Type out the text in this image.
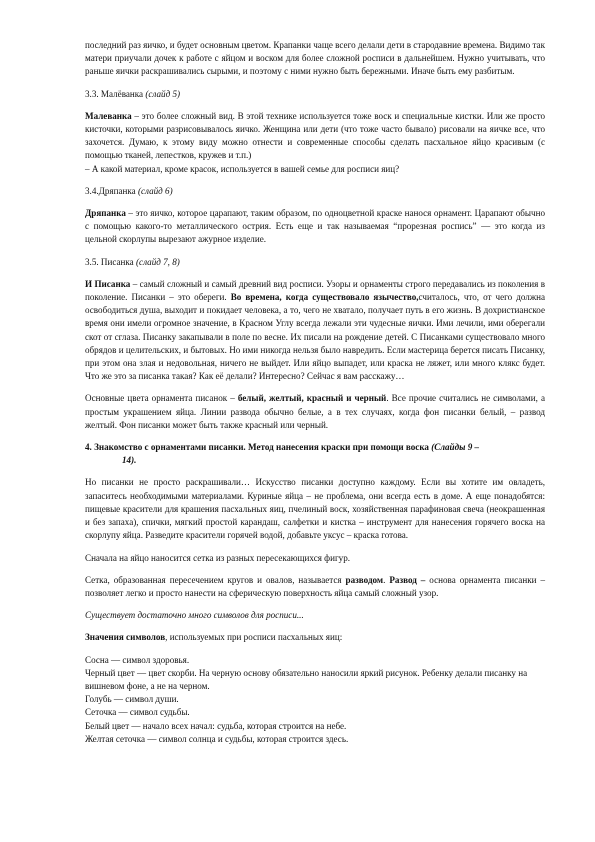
последний раз яичко, и будет основным цветом. Крапанки чаще всего делали дети в стародавние времена. Видимо так матери приучали дочек к работе с яйцом и воском для более сложной росписи в дальнейшем. Нужно учитывать, что раньше яички раскрашивались сырыми, и поэтому с ними нужно быть бережными. Иначе быть ему разбитым.

3.3. Малёванка (слайд 5)

Малеванка – это более сложный вид. В этой технике используется тоже воск и специальные кистки. Или же просто кисточки, которыми разрисовывалось яичко. Женщина или дети (что тоже часто бывало) рисовали на яичке все, что захочется. Думаю, к этому виду можно отнести и современные способы сделать пасхальное яйцо красивым (с помощью тканей, лепестков, кружев и т.п.)
– А какой материал, кроме красок, используется в вашей семье для росписи яиц?

3.4.Дряпанка (слайд 6)

Дряпанка – это яичко, которое царапают, таким образом, по одноцветной краске нанося орнамент. Царапают обычно с помощью какого-то металлического острия. Есть еще и так называемая “прорезная роспись” — это когда из цельной скорлупы вырезают ажурное изделие.

3.5. Писанка (слайд 7, 8)

И Писанка – самый сложный и самый древний вид росписи. Узоры и орнаменты строго передавались из поколения в поколение. Писанки – это обереги. Во времена, когда существовало язычество,считалось, что, от чего должна освободиться душа, выходит и покидает человека, а то, чего не хватало, получает путь в его жизнь. В дохристианское время они имели огромное значение, в Красном Углу всегда лежали эти чудесные яички. Ими лечили, ими оберегали скот от сглаза. Писанку закапывали в поле по весне. Их писали на рождение детей. С Писанками существовало много обрядов и целительских, и бытовых. Но ими никогда нельзя было навредить. Если мастерица берется писать Писанку, при этом она злая и недовольная, ничего не выйдет. Или яйцо выпадет, или краска не ляжет, или много клякс будет. Что же это за писанка такая? Как её делали? Интересно? Сейчас я вам расскажу…

Основные цвета орнамента писанок – белый, желтый, красный и черный. Все прочие считались не символами, а простым украшением яйца. Линии развода обычно белые, а в тех случаях, когда фон писанки белый, – развод желтый. Фон писанки может быть также красный или черный.

4. Знакомство с орнаментами писанки. Метод нанесения краски при помощи воска (Слайды 9 –
14).

Но писанки не просто раскрашивали… Искусство писанки доступно каждому. Если вы хотите им овладеть, запаситесь необходимыми материалами. Куриные яйца – не проблема, они всегда есть в доме. А еще понадобятся: пищевые красители для крашения пасхальных яиц, пчелиный воск, хозяйственная парафиновая свеча (неокрашенная и без запаха), спички, мягкий простой карандаш, салфетки и кистка – инструмент для нанесения горячего воска на скорлупу яйца. Разведите красители горячей водой, добавьте уксус – краска готова.

Сначала на яйцо наносится сетка из разных пересекающихся фигур.

Сетка, образованная пересечением кругов и овалов, называется разводом. Развод – основа орнамента писанки – позволяет легко и просто нанести на сферическую поверхность яйца самый сложный узор.

Существует достаточно много символов для росписи...

Значения символов, используемых при росписи пасхальных яиц:

Сосна — символ здоровья.
Черный цвет — цвет скорби. На черную основу обязательно наносили яркий рисунок. Ребенку делали писанку на вишневом фоне, а не на черном.
Голубь — символ души.
Сеточка — символ судьбы.
Белый цвет — начало всех начал: судьба, которая строится на небе.
Желтая сеточка — символ солнца и судьбы, которая строится здесь.
